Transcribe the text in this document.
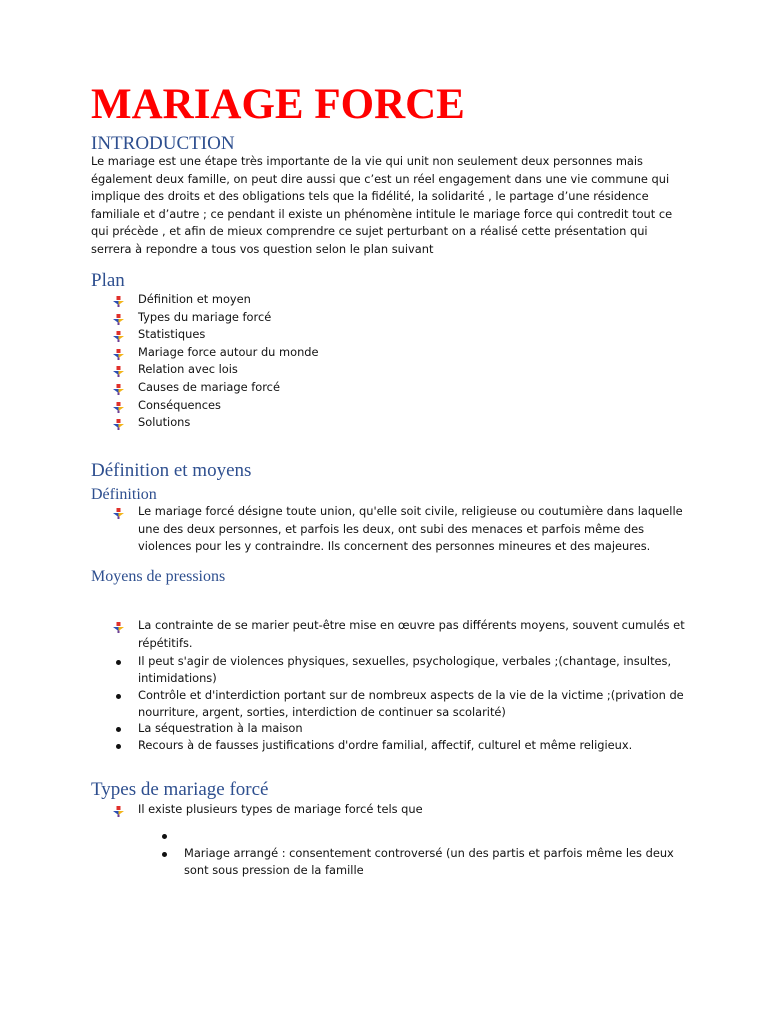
MARIAGE FORCE
INTRODUCTION

Le mariage est une étape très importante de la vie qui unit non seulement deux personnes mais également deux famille, on peut dire aussi que c’est un réel engagement dans une vie commune qui implique des droits et des obligations tels que la fidélité, la solidarité , le partage d’une résidence familiale et d’autre ; ce pendant il existe un phénomène intitule le mariage force qui contredit tout ce qui précède , et afin de mieux comprendre ce sujet perturbant on a réalisé cette présentation qui serrera à repondre a tous vos question selon le plan suivant

Plan
Définition et moyen
Types du mariage forcé
Statistiques
Mariage force autour du monde
Relation avec lois
Causes de mariage forcé
Conséquences
Solutions
Définition et moyens
Définition
Le mariage forcé désigne toute union, qu'elle soit civile, religieuse ou coutumière dans laquelle une des deux personnes, et parfois les deux, ont subi des menaces et parfois même des violences pour les y contraindre. Ils concernent des personnes mineures et des majeures.
Moyens de pressions
La contrainte de se marier peut-être mise en œuvre pas différents moyens, souvent cumulés et répétitifs.
Il peut s'agir de violences physiques, sexuelles, psychologique, verbales ;(chantage, insultes, intimidations)
Contrôle et d'interdiction portant sur de nombreux aspects de la vie de la victime ;(privation de nourriture, argent, sorties, interdiction de continuer sa scolarité)
La séquestration à la maison
Recours à de fausses justifications d'ordre familial, affectif, culturel et même religieux.
Types de mariage forcé
Il existe plusieurs types de mariage forcé tels que
Mariage arrangé : consentement controversé (un des partis et parfois même les deux sont sous pression de la famille
